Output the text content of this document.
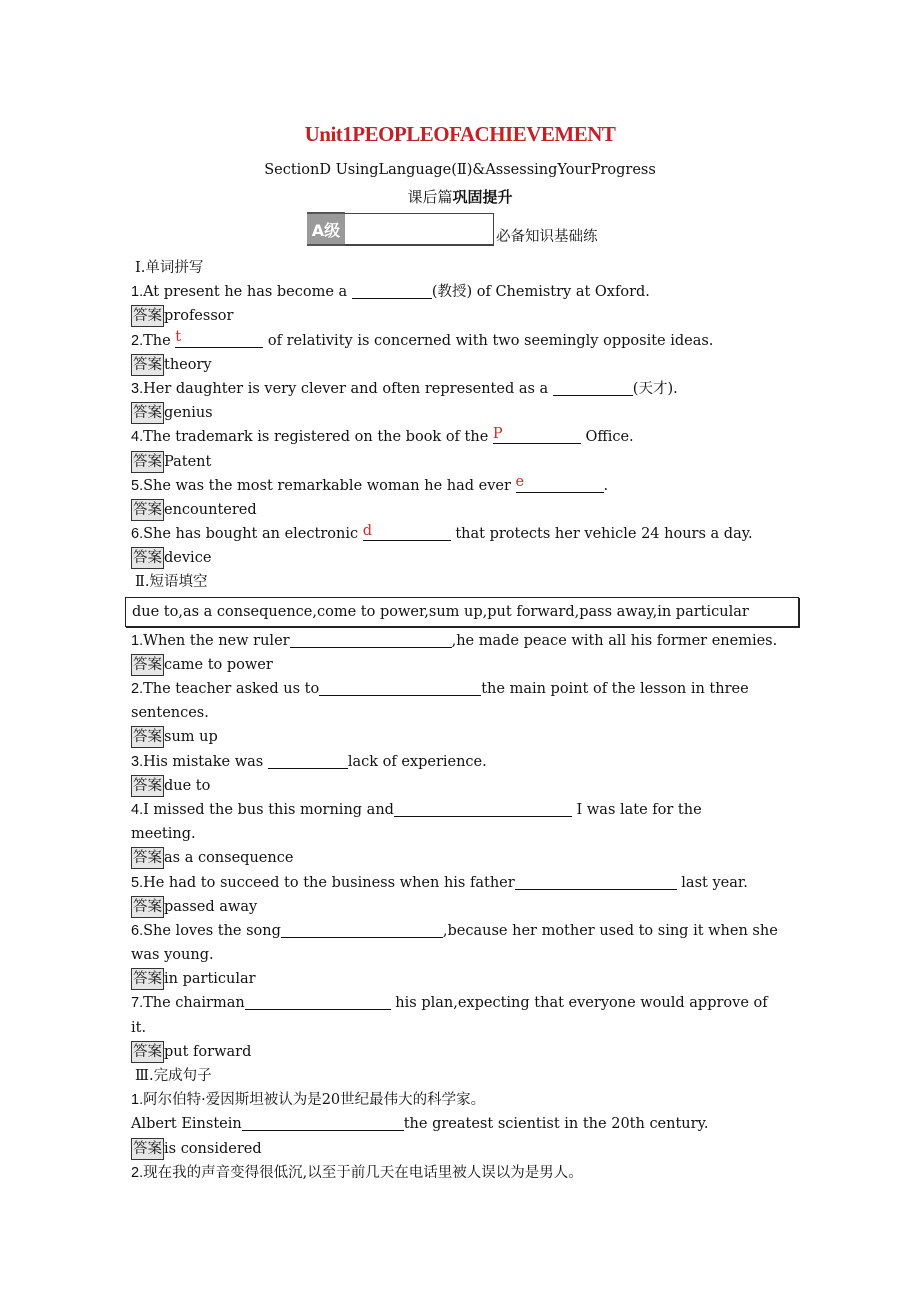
Unit1PEOPLEOFACHIEVEMENT
SectionD UsingLanguage(Ⅱ)&AssessingYourProgress
课后篇巩固提升
A级	必备知识基础练
Ⅰ.单词拼写
1.At present he has become a	(教授) of Chemistry at Oxford.
答案 professor
2.The t	of relativity is concerned with two seemingly opposite ideas.
答案 theory
3.Her daughter is very clever and often represented as a	(天才).
答案 genius
4.The trademark is registered on the book of the P	Office.
答案 Patent
5.She was the most remarkable woman he had ever e	.
答案 encountered
6.She has bought an electronic d	that protects her vehicle 24 hours a day.
答案 device
Ⅱ.短语填空
due to,as a consequence,come to power,sum up,put forward,pass away,in particular
1.When the new ruler	,he made peace with all his former enemies.
答案 came to power
2.The teacher asked us to	the main point of the lesson in three
sentences.
答案 sum up
3.His mistake was	lack of experience.
答案 due to
4.I missed the bus this morning and	I was late for the
meeting.
答案 as a consequence
5.He had to succeed to the business when his father	last year.
答案 passed away
6.She loves the song	,because her mother used to sing it when she
was young.
答案 in particular
7.The chairman	his plan,expecting that everyone would approve of
it.
答案 put forward
Ⅲ.完成句子
1.阿尔伯特·爱因斯坦被认为是20世纪最伟大的科学家。
Albert Einstein	the greatest scientist in the 20th century.
答案 is considered
2.现在我的声音变得很低沉,以至于前几天在电话里被人误以为是男人。
